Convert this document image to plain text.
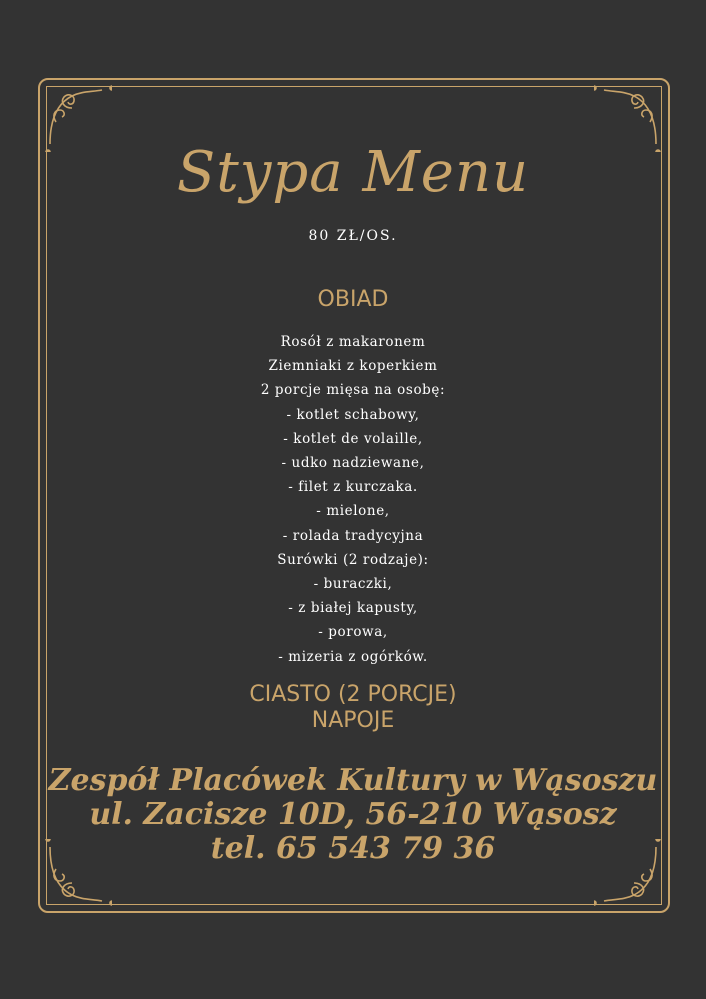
Stypa Menu
80 ZŁ/OS.
OBIAD
Rosół z makaronem
Ziemniaki z koperkiem
2 porcje mięsa na osobę:
- kotlet schabowy,
- kotlet de volaille,
- udko nadziewane,
- filet z kurczaka.
- mielone,
- rolada tradycyjna
Surówki (2 rodzaje):
- buraczki,
- z białej kapusty,
- porowa,
- mizeria z ogórków.
CIASTO (2 PORCJE)
NAPOJE
Zespół Placówek Kultury w Wąsoszu
ul. Zacisze 10D, 56-210 Wąsosz
tel. 65 543 79 36
